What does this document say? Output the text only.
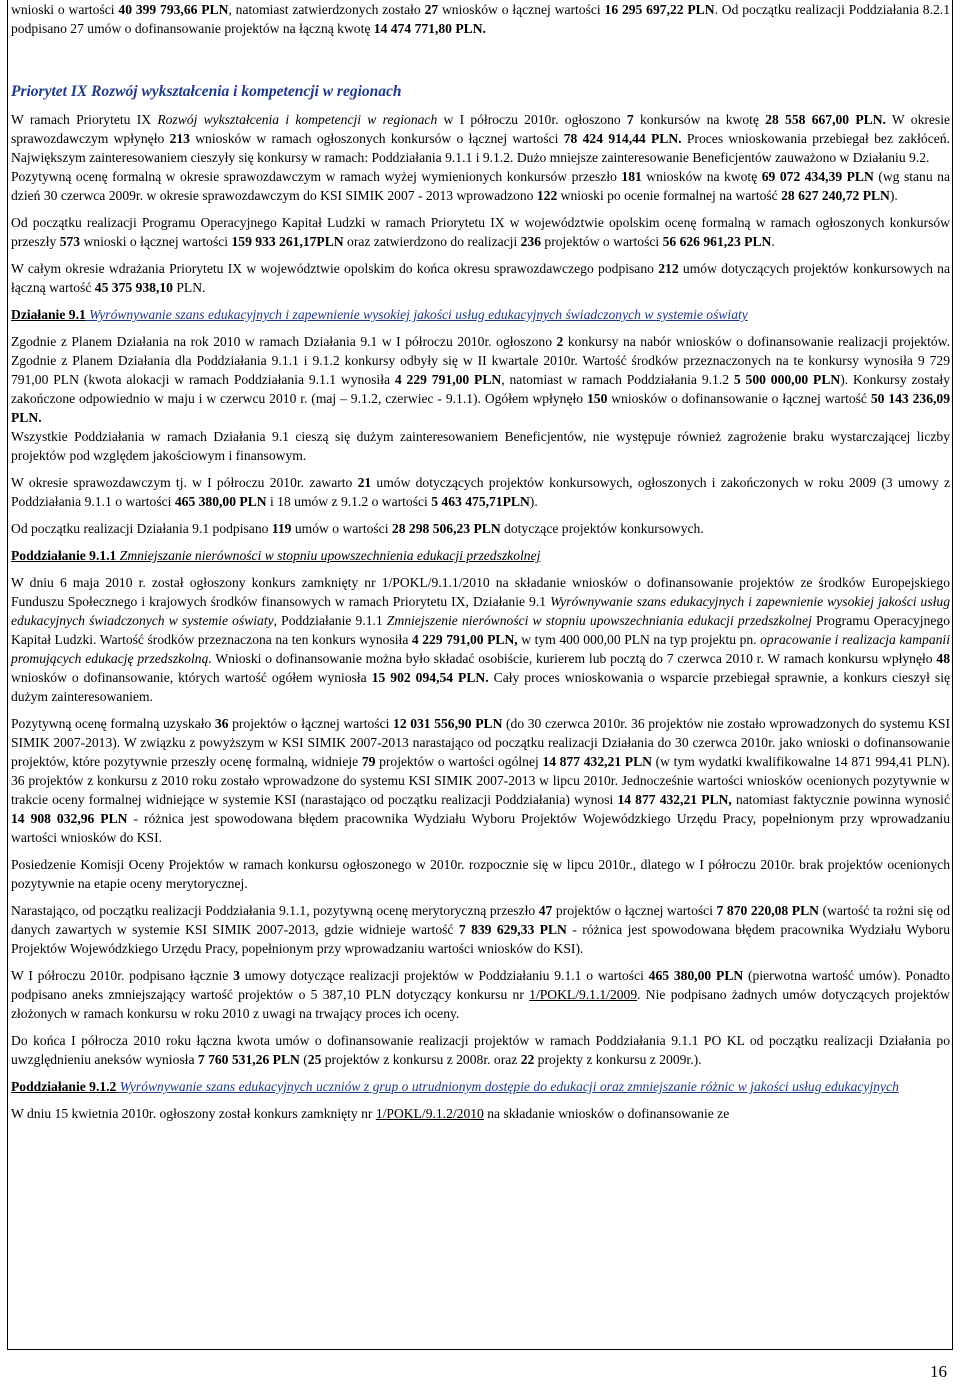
wnioski o wartości 40 399 793,66 PLN, natomiast zatwierdzonych zostało 27 wniosków o łącznej wartości 16 295 697,22 PLN. Od początku realizacji Poddziałania 8.2.1 podpisano 27 umów o dofinansowanie projektów na łączną kwotę 14 474 771,80 PLN.

Priorytet IX Rozwój wykształcenia i kompetencji w regionach

W ramach Priorytetu IX Rozwój wykształcenia i kompetencji w regionach w I półroczu 2010r. ogłoszono 7 konkursów na kwotę 28 558 667,00 PLN. W okresie sprawozdawczym wpłynęło 213 wniosków w ramach ogłoszonych konkursów o łącznej wartości 78 424 914,44 PLN. Proces wnioskowania przebiegał bez zakłóceń. Największym zainteresowaniem cieszyły się konkursy w ramach: Poddziałania 9.1.1 i 9.1.2. Dużo mniejsze zainteresowanie Beneficjentów zauważono w Działaniu 9.2.

Pozytywną ocenę formalną w okresie sprawozdawczym w ramach wyżej wymienionych konkursów przeszło 181 wniosków na kwotę 69 072 434,39 PLN (wg stanu na dzień 30 czerwca 2009r. w okresie sprawozdawczym do KSI SIMIK 2007 - 2013 wprowadzono 122 wnioski po ocenie formalnej na wartość 28 627 240,72 PLN).

Od początku realizacji Programu Operacyjnego Kapitał Ludzki w ramach Priorytetu IX w województwie opolskim ocenę formalną w ramach ogłoszonych konkursów przeszły 573 wnioski o łącznej wartości 159 933 261,17PLN oraz zatwierdzono do realizacji 236 projektów o wartości 56 626 961,23 PLN.

W całym okresie wdrażania Priorytetu IX w województwie opolskim do końca okresu sprawozdawczego podpisano 212 umów dotyczących projektów konkursowych na łączną wartość 45 375 938,10 PLN.

Działanie 9.1 Wyrównywanie szans edukacyjnych i zapewnienie wysokiej jakości usług edukacyjnych świadczonych w systemie oświaty

Zgodnie z Planem Działania na rok 2010 w ramach Działania 9.1 w I półroczu 2010r. ogłoszono 2 konkursy na nabór wniosków o dofinansowanie realizacji projektów. Zgodnie z Planem Działania dla Poddziałania 9.1.1 i 9.1.2 konkursy odbyły się w II kwartale 2010r. Wartość środków przeznaczonych na te konkursy wynosiła 9 729 791,00 PLN (kwota alokacji w ramach Poddziałania 9.1.1 wynosiła 4 229 791,00 PLN, natomiast w ramach Poddziałania 9.1.2 5 500 000,00 PLN). Konkursy zostały zakończone odpowiednio w maju i w czerwcu 2010 r. (maj – 9.1.2, czerwiec - 9.1.1). Ogółem wpłynęło 150 wniosków o dofinansowanie o łącznej wartość 50 143 236,09 PLN.

Wszystkie Poddziałania w ramach Działania 9.1 cieszą się dużym zainteresowaniem Beneficjentów, nie występuje również zagrożenie braku wystarczającej liczby projektów pod względem jakościowym i finansowym.

W okresie sprawozdawczym tj. w I półroczu 2010r. zawarto 21 umów dotyczących projektów konkursowych, ogłoszonych i zakończonych w roku 2009 (3 umowy z Poddziałania 9.1.1 o wartości 465 380,00 PLN i 18 umów z 9.1.2 o wartości 5 463 475,71PLN).

Od początku realizacji Działania 9.1 podpisano 119 umów o wartości 28 298 506,23 PLN dotyczące projektów konkursowych.

Poddziałanie 9.1.1 Zmniejszanie nierówności w stopniu upowszechnienia edukacji przedszkolnej

W dniu 6 maja 2010 r. został ogłoszony konkurs zamknięty nr 1/POKL/9.1.1/2010 na składanie wniosków o dofinansowanie projektów ze środków Europejskiego Funduszu Społecznego i krajowych środków finansowych w ramach Priorytetu IX, Działanie 9.1 Wyrównywanie szans edukacyjnych i zapewnienie wysokiej jakości usług edukacyjnych świadczonych w systemie oświaty, Poddziałanie 9.1.1 Zmniejszenie nierówności w stopniu upowszechniania edukacji przedszkolnej Programu Operacyjnego Kapitał Ludzki. Wartość środków przeznaczona na ten konkurs wynosiła 4 229 791,00 PLN, w tym 400 000,00 PLN na typ projektu pn. opracowanie i realizacja kampanii promujących edukację przedszkolną. Wnioski o dofinansowanie można było składać osobiście, kurierem lub pocztą do 7 czerwca 2010 r. W ramach konkursu wpłynęło 48 wniosków o dofinansowanie, których wartość ogółem wyniosła 15 902 094,54 PLN. Cały proces wnioskowania o wsparcie przebiegał sprawnie, a konkurs cieszył się dużym zainteresowaniem.

Pozytywną ocenę formalną uzyskało 36 projektów o łącznej wartości 12 031 556,90 PLN (do 30 czerwca 2010r. 36 projektów nie zostało wprowadzonych do systemu KSI SIMIK 2007-2013). W związku z powyższym w KSI SIMIK 2007-2013 narastająco od początku realizacji Działania do 30 czerwca 2010r. jako wnioski o dofinansowanie projektów, które pozytywnie przeszły ocenę formalną, widnieje 79 projektów o wartości ogólnej 14 877 432,21 PLN (w tym wydatki kwalifikowalne 14 871 994,41 PLN). 36 projektów z konkursu z 2010 roku zostało wprowadzone do systemu KSI SIMIK 2007-2013 w lipcu 2010r. Jednocześnie wartości wniosków ocenionych pozytywnie w trakcie oceny formalnej widniejące w systemie KSI (narastająco od początku realizacji Poddziałania) wynosi 14 877 432,21 PLN, natomiast faktycznie powinna wynosić 14 908 032,96 PLN - różnica jest spowodowana błędem pracownika Wydziału Wyboru Projektów Wojewódzkiego Urzędu Pracy, popełnionym przy wprowadzaniu wartości wniosków do KSI.

Posiedzenie Komisji Oceny Projektów w ramach konkursu ogłoszonego w 2010r. rozpocznie się w lipcu 2010r., dlatego w I półroczu 2010r. brak projektów ocenionych pozytywnie na etapie oceny merytorycznej.

Narastająco, od początku realizacji Poddziałania 9.1.1, pozytywną ocenę merytoryczną przeszło 47 projektów o łącznej wartości 7 870 220,08 PLN (wartość ta rożni się od danych zawartych w systemie KSI SIMIK 2007-2013, gdzie widnieje wartość 7 839 629,33 PLN - różnica jest spowodowana błędem pracownika Wydziału Wyboru Projektów Wojewódzkiego Urzędu Pracy, popełnionym przy wprowadzaniu wartości wniosków do KSI).

W I półroczu 2010r. podpisano łącznie 3 umowy dotyczące realizacji projektów w Poddziałaniu 9.1.1 o wartości 465 380,00 PLN (pierwotna wartość umów). Ponadto podpisano aneks zmniejszający wartość projektów o 5 387,10 PLN dotyczący konkursu nr 1/POKL/9.1.1/2009. Nie podpisano żadnych umów dotyczących projektów złożonych w ramach konkursu w roku 2010 z uwagi na trwający proces ich oceny.

Do końca I półrocza 2010 roku łączna kwota umów o dofinansowanie realizacji projektów w ramach Poddziałania 9.1.1 PO KL od początku realizacji Działania po uwzględnieniu aneksów wyniosła 7 760 531,26 PLN (25 projektów z konkursu z 2008r. oraz 22 projekty z konkursu z 2009r.).

Poddziałanie 9.1.2 Wyrównywanie szans edukacyjnych uczniów z grup o utrudnionym dostępie do edukacji oraz zmniejszanie różnic w jakości usług edukacyjnych

W dniu 15 kwietnia 2010r. ogłoszony został konkurs zamknięty nr 1/POKL/9.1.2/2010 na składanie wniosków o dofinansowanie ze

16
